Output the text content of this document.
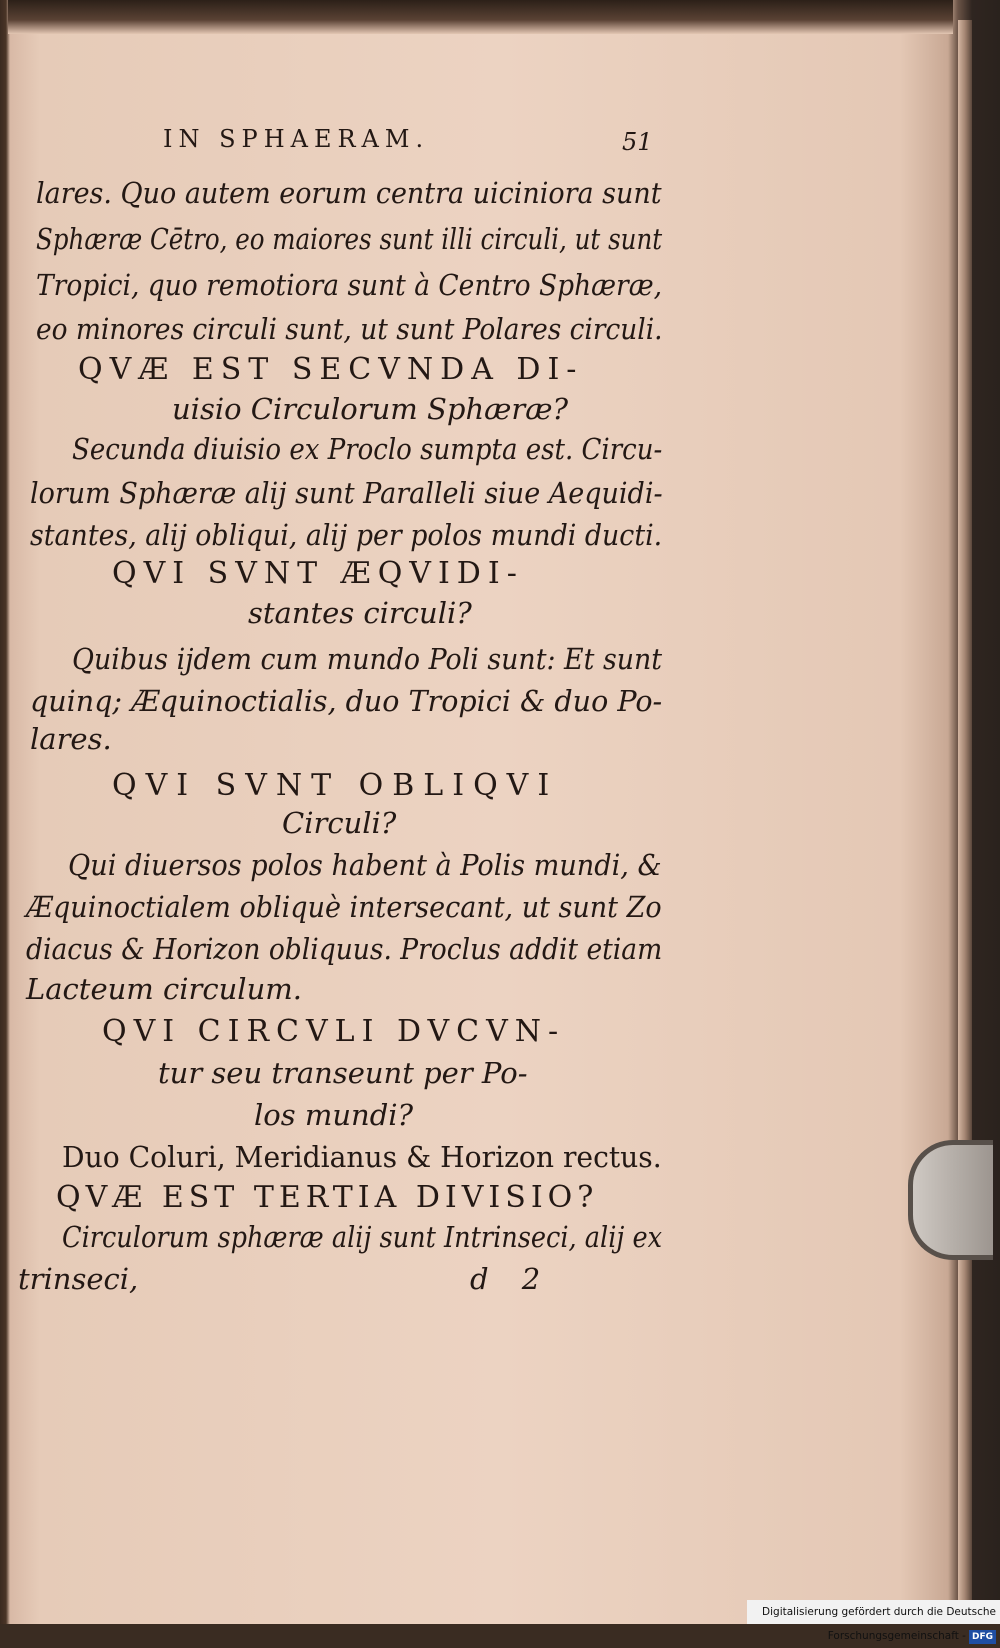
IN SPHAERAM.	51
lares. Quo autem eorum centra uiciniora sunt
Sphæræ Cētro, eo maiores sunt illi circuli, ut sunt
Tropici, quo remotiora sunt à Centro Sphæræ,
eo minores circuli sunt, ut sunt Polares circuli.
QVÆ EST SECVNDA DI-
uisio Circulorum Sphæræ?
Secunda diuisio ex Proclo sumpta est. Circu-
lorum Sphæræ alij sunt Paralleli siue Aequidi-
stantes, alij obliqui, alij per polos mundi ducti.
QVI SVNT ÆQVIDI-
stantes circuli?
Quibus ijdem cum mundo Poli sunt: Et sunt
quinq; Æquinoctialis, duo Tropici & duo Po-
lares.
QVI SVNT OBLIQVI
Circuli?
Qui diuersos polos habent à Polis mundi, &
Æquinoctialem obliquè intersecant, ut sunt Zo
diacus & Horizon obliquus. Proclus addit etiam
Lacteum circulum.
QVI CIRCVLI DVCVN-
tur seu transeunt per Po-
los mundi?
Duo Coluri, Meridianus & Horizon rectus.
QVÆ EST TERTIA DIVISIO?
Circulorum sphæræ alij sunt Intrinseci, alij ex
trinseci,	d 2
Digitalisierung gefördert durch die Deutsche Forschungsgemeinschaft - DFG
